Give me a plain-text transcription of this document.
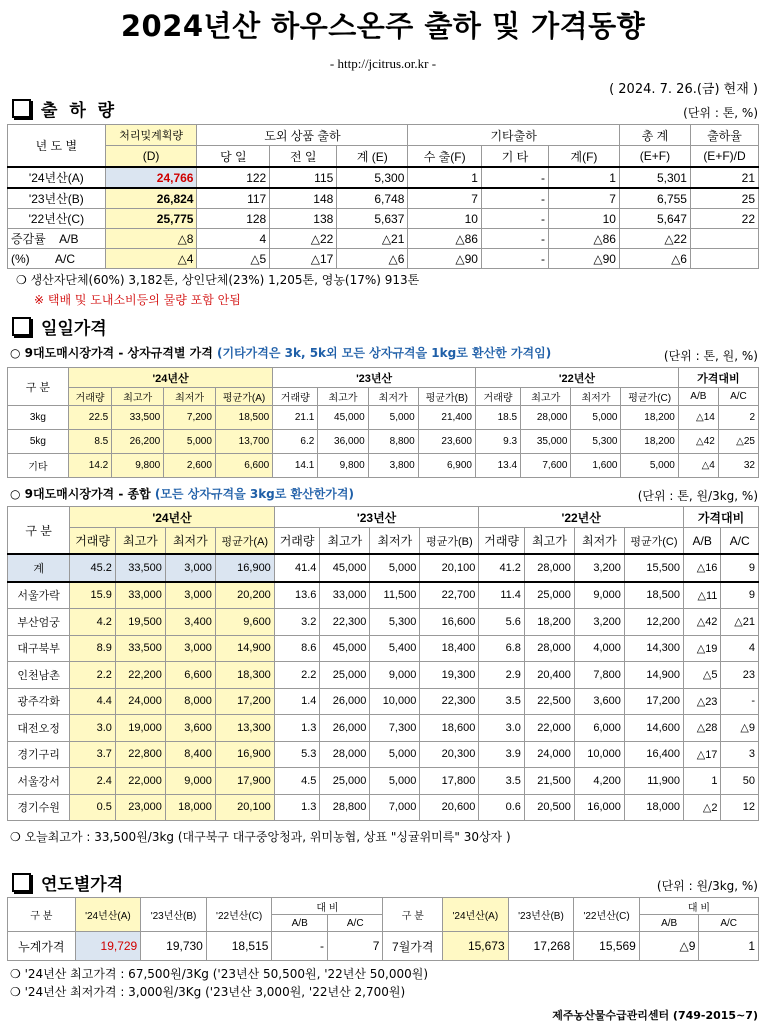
2024년산 하우스온주 출하 및 가격동향
- http://jcitrus.or.kr -
( 2024. 7. 26.(금) 현재 )
출 하 량	(단위 : 톤, %)
년 도 별	처리및계획량	도외 상품 출하			기타출하			총 계	출하율
	(D)	당 일	전 일	계 (E)	수 출(F)	기 타	계(F)	(E+F)	(E+F)/D
'24년산(A)	24,766	122	115	5,300	1	-	1	5,301	21
'23년산(B)	26,824	117	148	6,748	7	-	7	6,755	25
'22년산(C)	25,775	128	138	5,637	10	-	10	5,647	22
증감률 A/B	△8	4	△22	△21	△86	-	△86	△22	
(%) A/C	△4	△5	△17	△6	△90	-	△90	△6	
❍ 생산자단체(60%) 3,182톤, 상인단체(23%) 1,205톤, 영농(17%) 913톤
※ 택배 및 도내소비등의 물량 포함 안됨
일일가격
○ 9대도매시장가격 - 상자규격별 가격 (기타가격은 3k, 5k외 모든 상자규격을 1kg로 환산한 가격임)	(단위 : 톤, 원, %)
구 분	'24년산				'23년산				'22년산				가격대비	
	거래량	최고가	최저가	평균가(A)	거래량	최고가	최저가	평균가(B)	거래량	최고가	최저가	평균가(C)	A/B	A/C
3kg	22.5	33,500	7,200	18,500	21.1	45,000	5,000	21,400	18.5	28,000	5,000	18,200	△14	2
5kg	8.5	26,200	5,000	13,700	6.2	36,000	8,800	23,600	9.3	35,000	5,300	18,200	△42	△25
기타	14.2	9,800	2,600	6,600	14.1	9,800	3,800	6,900	13.4	7,600	1,600	5,000	△4	32
○ 9대도매시장가격 - 종합 (모든 상자규격을 3kg로 환산한가격)	(단위 : 톤, 원/3kg, %)
구 분	'24년산				'23년산				'22년산				가격대비	
	거래량	최고가	최저가	평균가(A)	거래량	최고가	최저가	평균가(B)	거래량	최고가	최저가	평균가(C)	A/B	A/C
계	45.2	33,500	3,000	16,900	41.4	45,000	5,000	20,100	41.2	28,000	3,200	15,500	△16	9
서울가락	15.9	33,000	3,000	20,200	13.6	33,000	11,500	22,700	11.4	25,000	9,000	18,500	△11	9
부산엄궁	4.2	19,500	3,400	9,600	3.2	22,300	5,300	16,600	5.6	18,200	3,200	12,200	△42	△21
대구북부	8.9	33,500	3,000	14,900	8.6	45,000	5,400	18,400	6.8	28,000	4,000	14,300	△19	4
인천남촌	2.2	22,200	6,600	18,300	2.2	25,000	9,000	19,300	2.9	20,400	7,800	14,900	△5	23
광주각화	4.4	24,000	8,000	17,200	1.4	26,000	10,000	22,300	3.5	22,500	3,600	17,200	△23	-
대전오정	3.0	19,000	3,600	13,300	1.3	26,000	7,300	18,600	3.0	22,000	6,000	14,600	△28	△9
경기구리	3.7	22,800	8,400	16,900	5.3	28,000	5,000	20,300	3.9	24,000	10,000	16,400	△17	3
서울강서	2.4	22,000	9,000	17,900	4.5	25,000	5,000	17,800	3.5	21,500	4,200	11,900	1	50
경기수원	0.5	23,000	18,000	20,100	1.3	28,800	7,000	20,600	0.6	20,500	16,000	18,000	△2	12
❍ 오늘최고가 : 33,500원/3kg (대구북구 대구중앙청과, 위미농협, 상표 "싱귤위미륵" 30상자 )
연도별가격	(단위 : 원/3kg, %)
구 분	'24년산(A)	'23년산(B)	'22년산(C)	대 비		구 분	'24년산(A)	'23년산(B)	'22년산(C)	대 비	
				A/B	A/C					A/B	A/C
누계가격	19,729	19,730	18,515	-	7	7월가격	15,673	17,268	15,569	△9	1
❍ '24년산 최고가격 : 67,500원/3Kg ('23년산 50,500원, '22년산 50,000원)
❍ '24년산 최저가격 : 3,000원/3Kg ('23년산 3,000원, '22년산 2,700원)
제주농산물수급관리센터 (749-2015~7)
